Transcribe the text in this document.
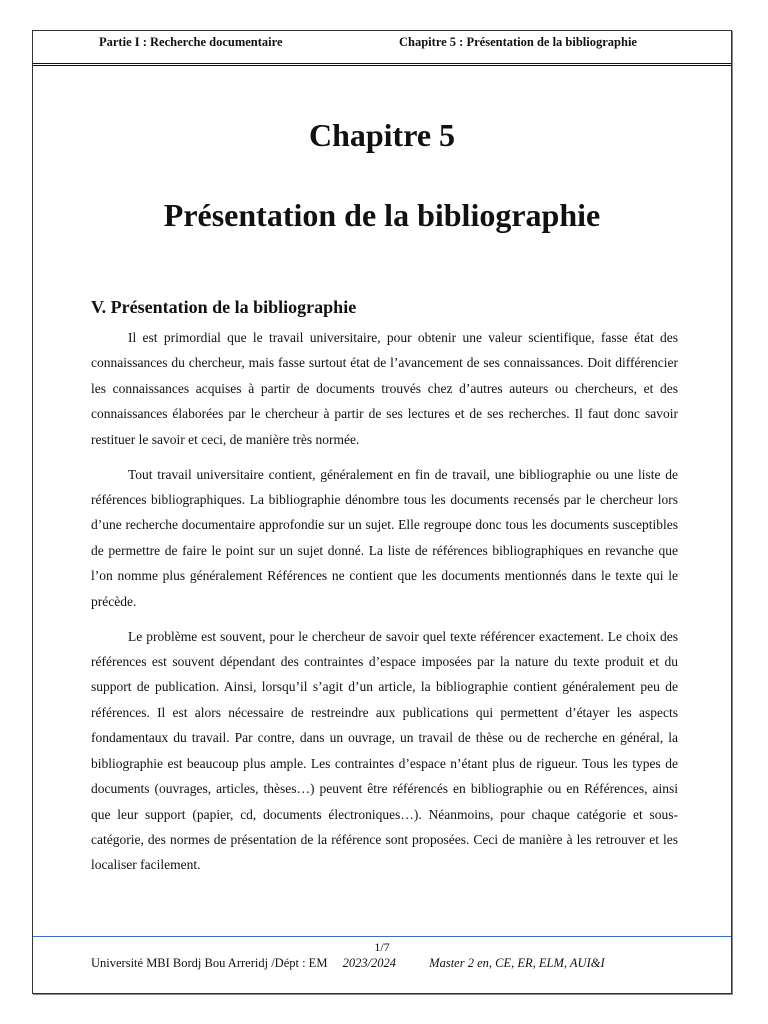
Partie I : Recherche documentaire	Chapitre 5 : Présentation de la bibliographie
Chapitre 5
Présentation de la bibliographie
V. Présentation de la bibliographie

Il est primordial que le travail universitaire, pour obtenir une valeur scientifique, fasse état des connaissances du chercheur, mais fasse surtout état de l’avancement de ses connaissances. Doit différencier les connaissances acquises à partir de documents trouvés chez d’autres auteurs ou chercheurs, et des connaissances élaborées par le chercheur à partir de ses lectures et de ses recherches. Il faut donc savoir restituer le savoir et ceci, de manière très normée.

Tout travail universitaire contient, généralement en fin de travail, une bibliographie ou une liste de références bibliographiques. La bibliographie dénombre tous les documents recensés par le chercheur lors d’une recherche documentaire approfondie sur un sujet. Elle regroupe donc tous les documents susceptibles de permettre de faire le point sur un sujet donné. La liste de références bibliographiques en revanche que l’on nomme plus généralement Références ne contient que les documents mentionnés dans le texte qui le précède.

Le problème est souvent, pour le chercheur de savoir quel texte référencer exactement. Le choix des références est souvent dépendant des contraintes d’espace imposées par la nature du texte produit et du support de publication. Ainsi, lorsqu’il s’agit d’un article, la bibliographie contient généralement peu de références. Il est alors nécessaire de restreindre aux publications qui permettent d’étayer les aspects fondamentaux du travail. Par contre, dans un ouvrage, un travail de thèse ou de recherche en général, la bibliographie est beaucoup plus ample. Les contraintes d’espace n’étant plus de rigueur. Tous les types de documents (ouvrages, articles, thèses…) peuvent être référencés en bibliographie ou en Références, ainsi que leur support (papier, cd, documents électroniques…). Néanmoins, pour chaque catégorie et sous-catégorie, des normes de présentation de la référence sont proposées. Ceci de manière à les retrouver et les localiser facilement.

1/7
Université MBI Bordj Bou Arreridj /Dépt : EM 2023/2024	Master 2 en, CE, ER, ELM, AUI&I
